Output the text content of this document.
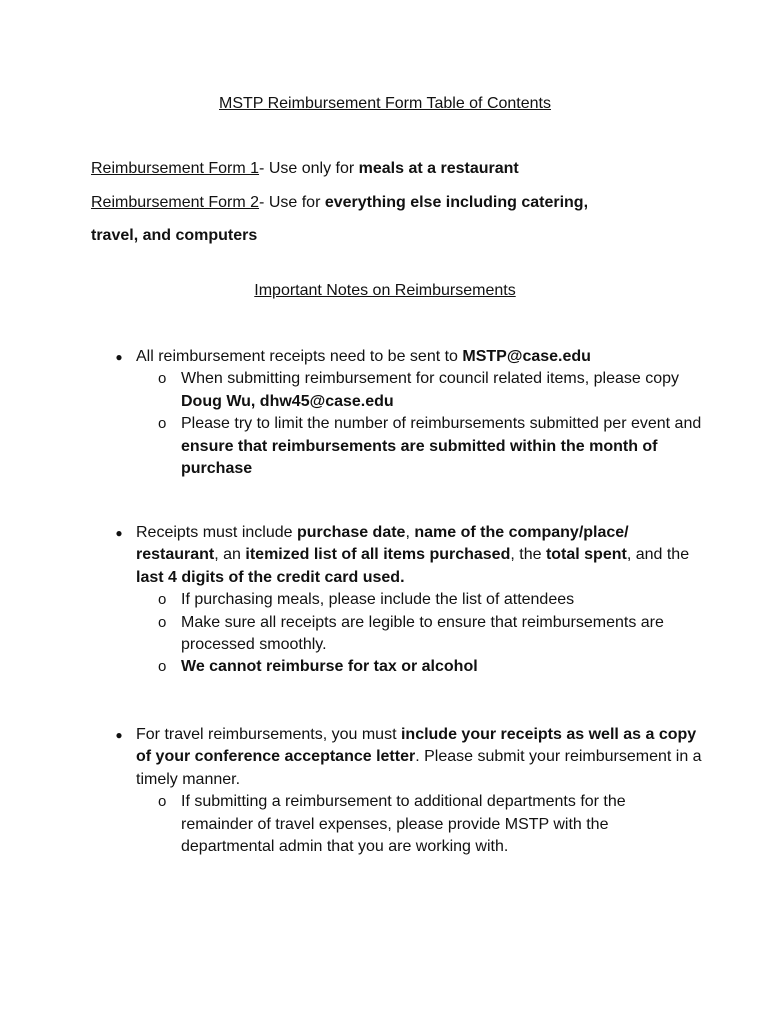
MSTP Reimbursement Form Table of Contents
Reimbursement Form 1- Use only for meals at a restaurant
Reimbursement Form 2- Use for everything else including catering,
travel, and computers
Important Notes on Reimbursements
● All reimbursement receipts need to be sent to MSTP@case.edu
o When submitting reimbursement for council related items, please copy Doug Wu, dhw45@case.edu
o Please try to limit the number of reimbursements submitted per event and ensure that reimbursements are submitted within the month of purchase
● Receipts must include purchase date, name of the company/place/ restaurant, an itemized list of all items purchased, the total spent, and the last 4 digits of the credit card used.
o If purchasing meals, please include the list of attendees
o Make sure all receipts are legible to ensure that reimbursements are processed smoothly.
o We cannot reimburse for tax or alcohol
● For travel reimbursements, you must include your receipts as well as a copy of your conference acceptance letter. Please submit your reimbursement in a timely manner.
o If submitting a reimbursement to additional departments for the remainder of travel expenses, please provide MSTP with the departmental admin that you are working with.
